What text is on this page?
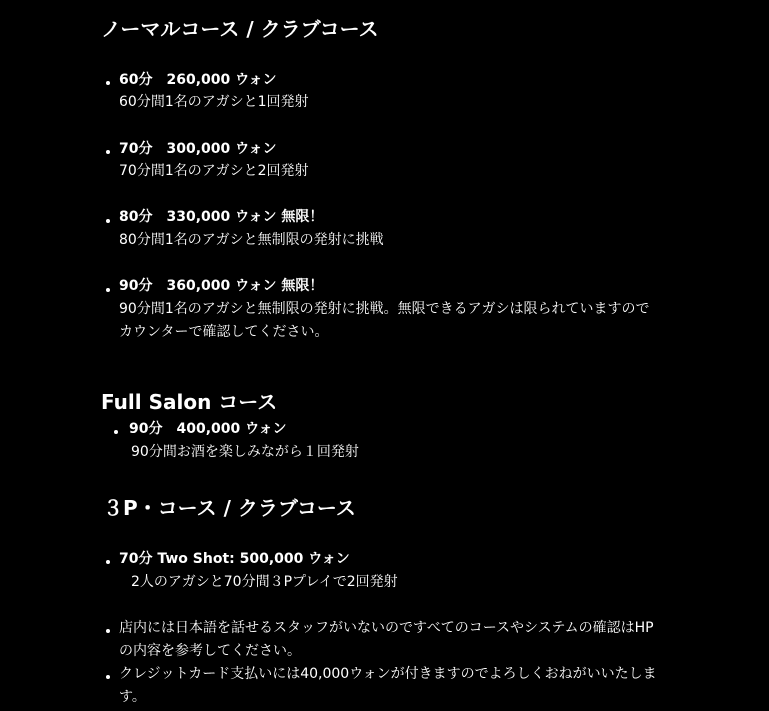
ノーマルコース / クラブコース
60分　260,000 ウォン
60分間1名のアガシと1回発射
70分　300,000 ウォン
70分間1名のアガシと2回発射
80分　330,000 ウォン 無限！
80分間1名のアガシと無制限の発射に挑戦
90分　360,000 ウォン 無限！
90分間1名のアガシと無制限の発射に挑戦。無限できるアガシは限られていますので
カウンターで確認してください。
Full Salon コース
90分　400,000 ウォン
90分間お酒を楽しみながら１回発射
３P・コース / クラブコース
70分 Two Shot: 500,000 ウォン
2人のアガシと70分間３Pプレイで2回発射
店内には日本語を話せるスタッフがいないのですべてのコースやシステムの確認はHP
の内容を参考してください。
クレジットカード支払いには40,000ウォンが付きますのでよろしくおねがいいたしま
す。
